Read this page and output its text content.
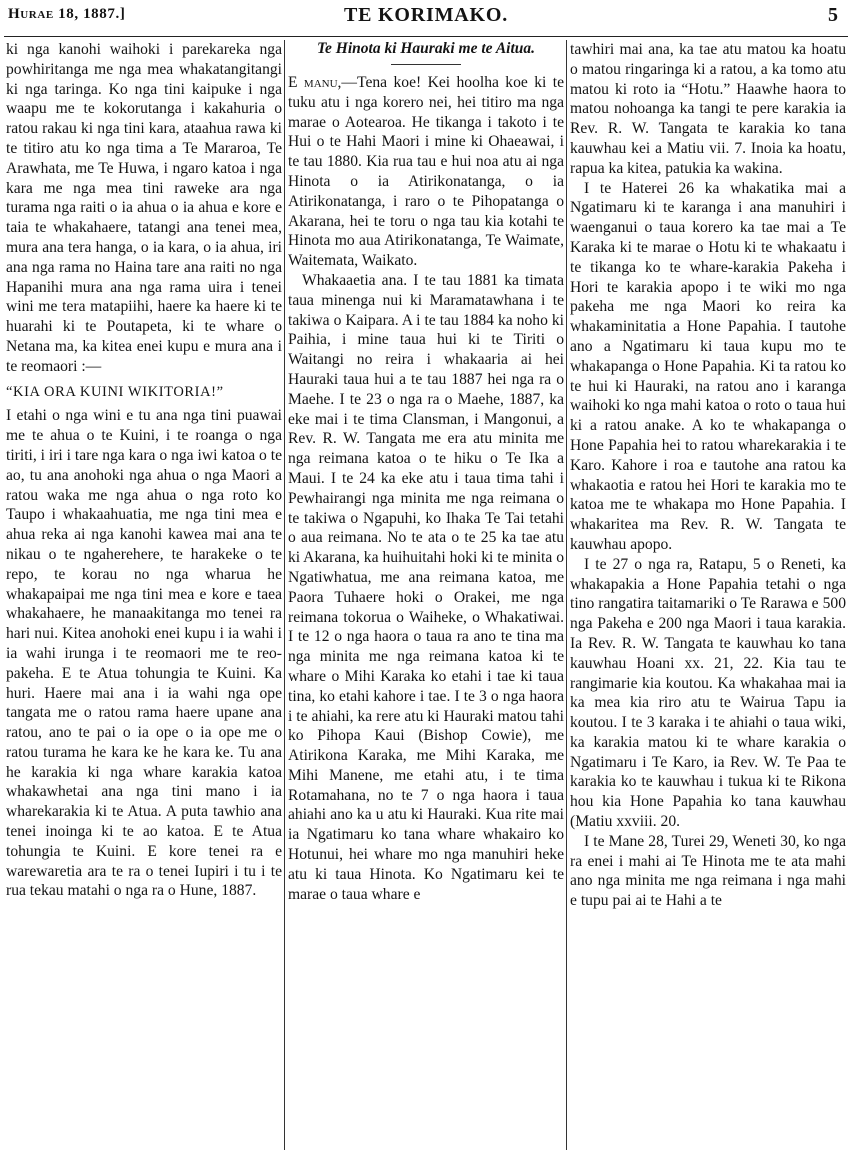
Hurae 18, 1887.]	TE KORIMAKO.	5

ki nga kanohi waihoki i parekareka nga powhiritanga me nga mea whakatangitangi ki nga taringa. Ko nga tini kaipuke i nga waapu me te kokorutanga i kakahuria o ratou rakau ki nga tini kara, ataahua rawa ki te titiro atu ko nga tima a Te Mararoa, Te Arawhata, me Te Huwa, i ngaro katoa i nga kara me nga mea tini raweke ara nga turama nga raiti o ia ahua o ia ahua e kore e taia te whakahaere, tatangi ana tenei mea, mura ana tera hanga, o ia kara, o ia ahua, iri ana nga rama no Haina tare ana raiti no nga Hapanihi mura ana nga rama uira i tenei wini me tera matapiihi, haere ka haere ki te huarahi ki te Poutapeta, ki te whare o Netana ma, ka kitea enei kupu e mura ana i te reomaori :—

“KIA ORA KUINI WIKITORIA!”

I etahi o nga wini e tu ana nga tini puawai me te ahua o te Kuini, i te roanga o nga tiriti, i iri i tare nga kara o nga iwi katoa o te ao, tu ana anohoki nga ahua o nga Maori a ratou waka me nga ahua o nga roto ko Taupo i whakaahuatia, me nga tini mea e ahua reka ai nga kanohi kawea mai ana te nikau o te ngaherehere, te harakeke o te repo, te korau no nga wharua he whakapaipai me nga tini mea e kore e taea whakahaere, he manaakitanga mo tenei ra hari nui. Kitea anohoki enei kupu i ia wahi i ia wahi irunga i te reomaori me te reo-pakeha. E te Atua tohungia te Kuini. Ka huri. Haere mai ana i ia wahi nga ope tangata me o ratou rama haere upane ana ratou, ano te pai o ia ope o ia ope me o ratou turama he kara ke he kara ke. Tu ana he karakia ki nga whare karakia katoa whakawhetai ana nga tini mano i ia wharekarakia ki te Atua. A puta tawhio ana tenei inoinga ki te ao katoa. E te Atua tohungia te Kuini. E kore tenei ra e warewaretia ara te ra o tenei Iupiri i tu i te rua tekau matahi o nga ra o Hune, 1887.

Te Hinota ki Hauraki me te Aitua.

E manu,—Tena koe! Kei hoolha koe ki te tuku atu i nga korero nei, hei titiro ma nga marae o Aotearoa. He tikanga i takoto i te Hui o te Hahi Maori i mine ki Ohaeawai, i te tau 1880. Kia rua tau e hui noa atu ai nga Hinota o ia Atirikonatanga, o ia Atirikonatanga, i raro o te Pihopatanga o Akarana, hei te toru o nga tau kia kotahi te Hinota mo aua Atirikonatanga, Te Waimate, Waitemata, Waikato.

Whakaaetia ana. I te tau 1881 ka timata taua minenga nui ki Maramatawhana i te takiwa o Kaipara. A i te tau 1884 ka noho ki Paihia, i mine taua hui ki te Tiriti o Waitangi no reira i whakaaria ai hei Hauraki taua hui a te tau 1887 hei nga ra o Maehe. I te 23 o nga ra o Maehe, 1887, ka eke mai i te tima Clansman, i Mangonui, a Rev. R. W. Tangata me era atu minita me nga reimana katoa o te hiku o Te Ika a Maui. I te 24 ka eke atu i taua tima tahi i Pewhairangi nga minita me nga reimana o te takiwa o Ngapuhi, ko Ihaka Te Tai tetahi o aua reimana. No te ata o te 25 ka tae atu ki Akarana, ka huihuitahi hoki ki te minita o Ngatiwhatua, me ana reimana katoa, me Paora Tuhaere hoki o Orakei, me nga reimana tokorua o Waiheke, o Whakatiwai. I te 12 o nga haora o taua ra ano te tina ma nga minita me nga reimana katoa ki te whare o Mihi Karaka ko etahi i tae ki taua tina, ko etahi kahore i tae. I te 3 o nga haora i te ahiahi, ka rere atu ki Hauraki matou tahi ko Pihopa Kaui (Bishop Cowie), me Atirikona Karaka, me Mihi Karaka, me Mihi Manene, me etahi atu, i te tima Rotamahana, no te 7 o nga haora i taua ahiahi ano ka u atu ki Hauraki. Kua rite mai ia Ngatimaru ko tana whare whakairo ko Hotunui, hei whare mo nga manuhiri heke atu ki taua Hinota. Ko Ngatimaru kei te marae o taua whare e

tawhiri mai ana, ka tae atu matou ka hoatu o matou ringaringa ki a ratou, a ka tomo atu matou ki roto ia “Hotu.” Haawhe haora to matou nohoanga ka tangi te pere karakia ia Rev. R. W. Tangata te karakia ko tana kauwhau kei a Matiu vii. 7. Inoia ka hoatu, rapua ka kitea, patukia ka wakina.

I te Haterei 26 ka whakatika mai a Ngatimaru ki te karanga i ana manuhiri i waenganui o taua korero ka tae mai a Te Karaka ki te marae o Hotu ki te whakaatu i te tikanga ko te whare-karakia Pakeha i Hori te karakia apopo i te wiki mo nga pakeha me nga Maori ko reira ka whakaminitatia a Hone Papahia. I tautohe ano a Ngatimaru ki taua kupu mo te whakapanga o Hone Papahia. Ki ta ratou ko te hui ki Hauraki, na ratou ano i karanga waihoki ko nga mahi katoa o roto o taua hui ki a ratou anake. A ko te whakapanga o Hone Papahia hei to ratou wharekarakia i te Karo. Kahore i roa e tautohe ana ratou ka whakaotia e ratou hei Hori te karakia mo te katoa me te whakapa mo Hone Papahia. I whakaritea ma Rev. R. W. Tangata te kauwhau apopo.

I te 27 o nga ra, Ratapu, 5 o Reneti, ka whakapakia a Hone Papahia tetahi o nga tino rangatira taitamariki o Te Rarawa e 500 nga Pakeha e 200 nga Maori i taua karakia. Ia Rev. R. W. Tangata te kauwhau ko tana kauwhau Hoani xx. 21, 22. Kia tau te rangimarie kia koutou. Ka whakahaa mai ia ka mea kia riro atu te Wairua Tapu ia koutou. I te 3 karaka i te ahiahi o taua wiki, ka karakia matou ki te whare karakia o Ngatimaru i Te Karo, ia Rev. W. Te Paa te karakia ko te kauwhau i tukua ki te Rikona hou kia Hone Papahia ko tana kauwhau (Matiu xxviii. 20.

I te Mane 28, Turei 29, Weneti 30, ko nga ra enei i mahi ai Te Hinota me te ata mahi ano nga minita me nga reimana i nga mahi e tupu pai ai te Hahi a te
